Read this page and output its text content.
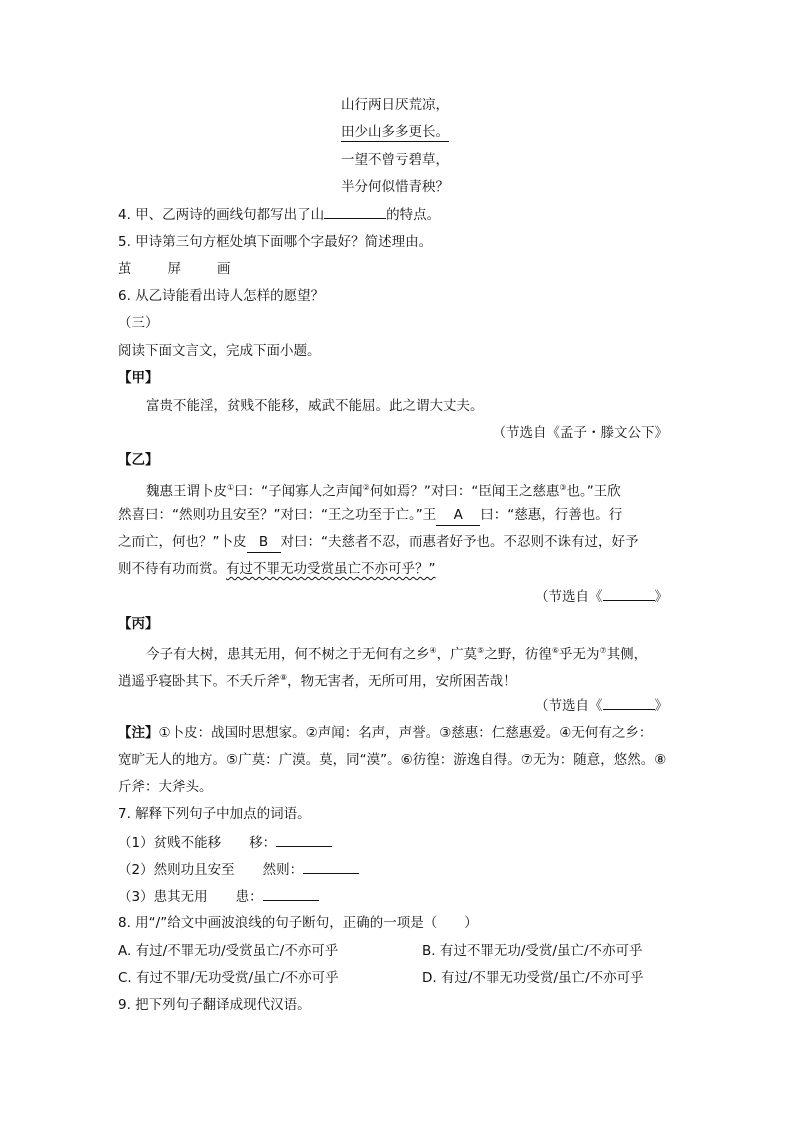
山行两日厌荒凉，
田少山多多更长。
一望不曾亏碧草，
半分何似惜青秧？
4. 甲、乙两诗的画线句都写出了山	的特点。
5. 甲诗第三句方框处填下面哪个字最好？简述理由。
茧	屏	画
6. 从乙诗能看出诗人怎样的愿望？
（三）
阅读下面文言文，完成下面小题。
【甲】
富贵不能淫，贫贱不能移，威武不能屈。此之谓大丈夫。
（节选自《孟子・滕文公下》
【乙】
魏惠王谓卜皮①曰：“子闻寡人之声闻②何如焉？”对曰：“臣闻王之慈惠③也。”王欣
然喜曰：“然则功且安至？”对曰：“王之功至于亡。”王 A 曰：“慈惠，行善也。行
之而亡，何也？”卜皮 B 对曰：“夫慈者不忍，而惠者好予也。不忍则不诛有过，好予
则不待有功而赏。有过不罪无功受赏虽亡不亦可乎？”
（节选自《	》
【丙】
今子有大树，患其无用，何不树之于无何有之乡④，广莫⑤之野，彷徨⑥乎无为⑦其侧，
逍遥乎寝卧其下。不夭斤斧⑧，物无害者，无所可用，安所困苦哉！
（节选自《	》
【注】①卜皮：战国时思想家。②声闻：名声，声誉。③慈惠：仁慈惠爱。④无何有之乡：
宽旷无人的地方。⑤广莫：广漠。莫，同“漠”。⑥彷徨：游逸自得。⑦无为：随意，悠然。⑧
斤斧：大斧头。
7. 解释下列句子中加点的词语。
（1）贫贱不能移 移：
（2）然则功且安至 然则：
（3）患其无用 患：
8. 用“/”给文中画波浪线的句子断句，正确的一项是（　　）
A. 有过/不罪无功/受赏虽亡/不亦可乎	B. 有过不罪无功/受赏/虽亡/不亦可乎
C. 有过不罪/无功受赏/虽亡/不亦可乎	D. 有过/不罪无功受赏/虽亡/不亦可乎
9. 把下列句子翻译成现代汉语。
